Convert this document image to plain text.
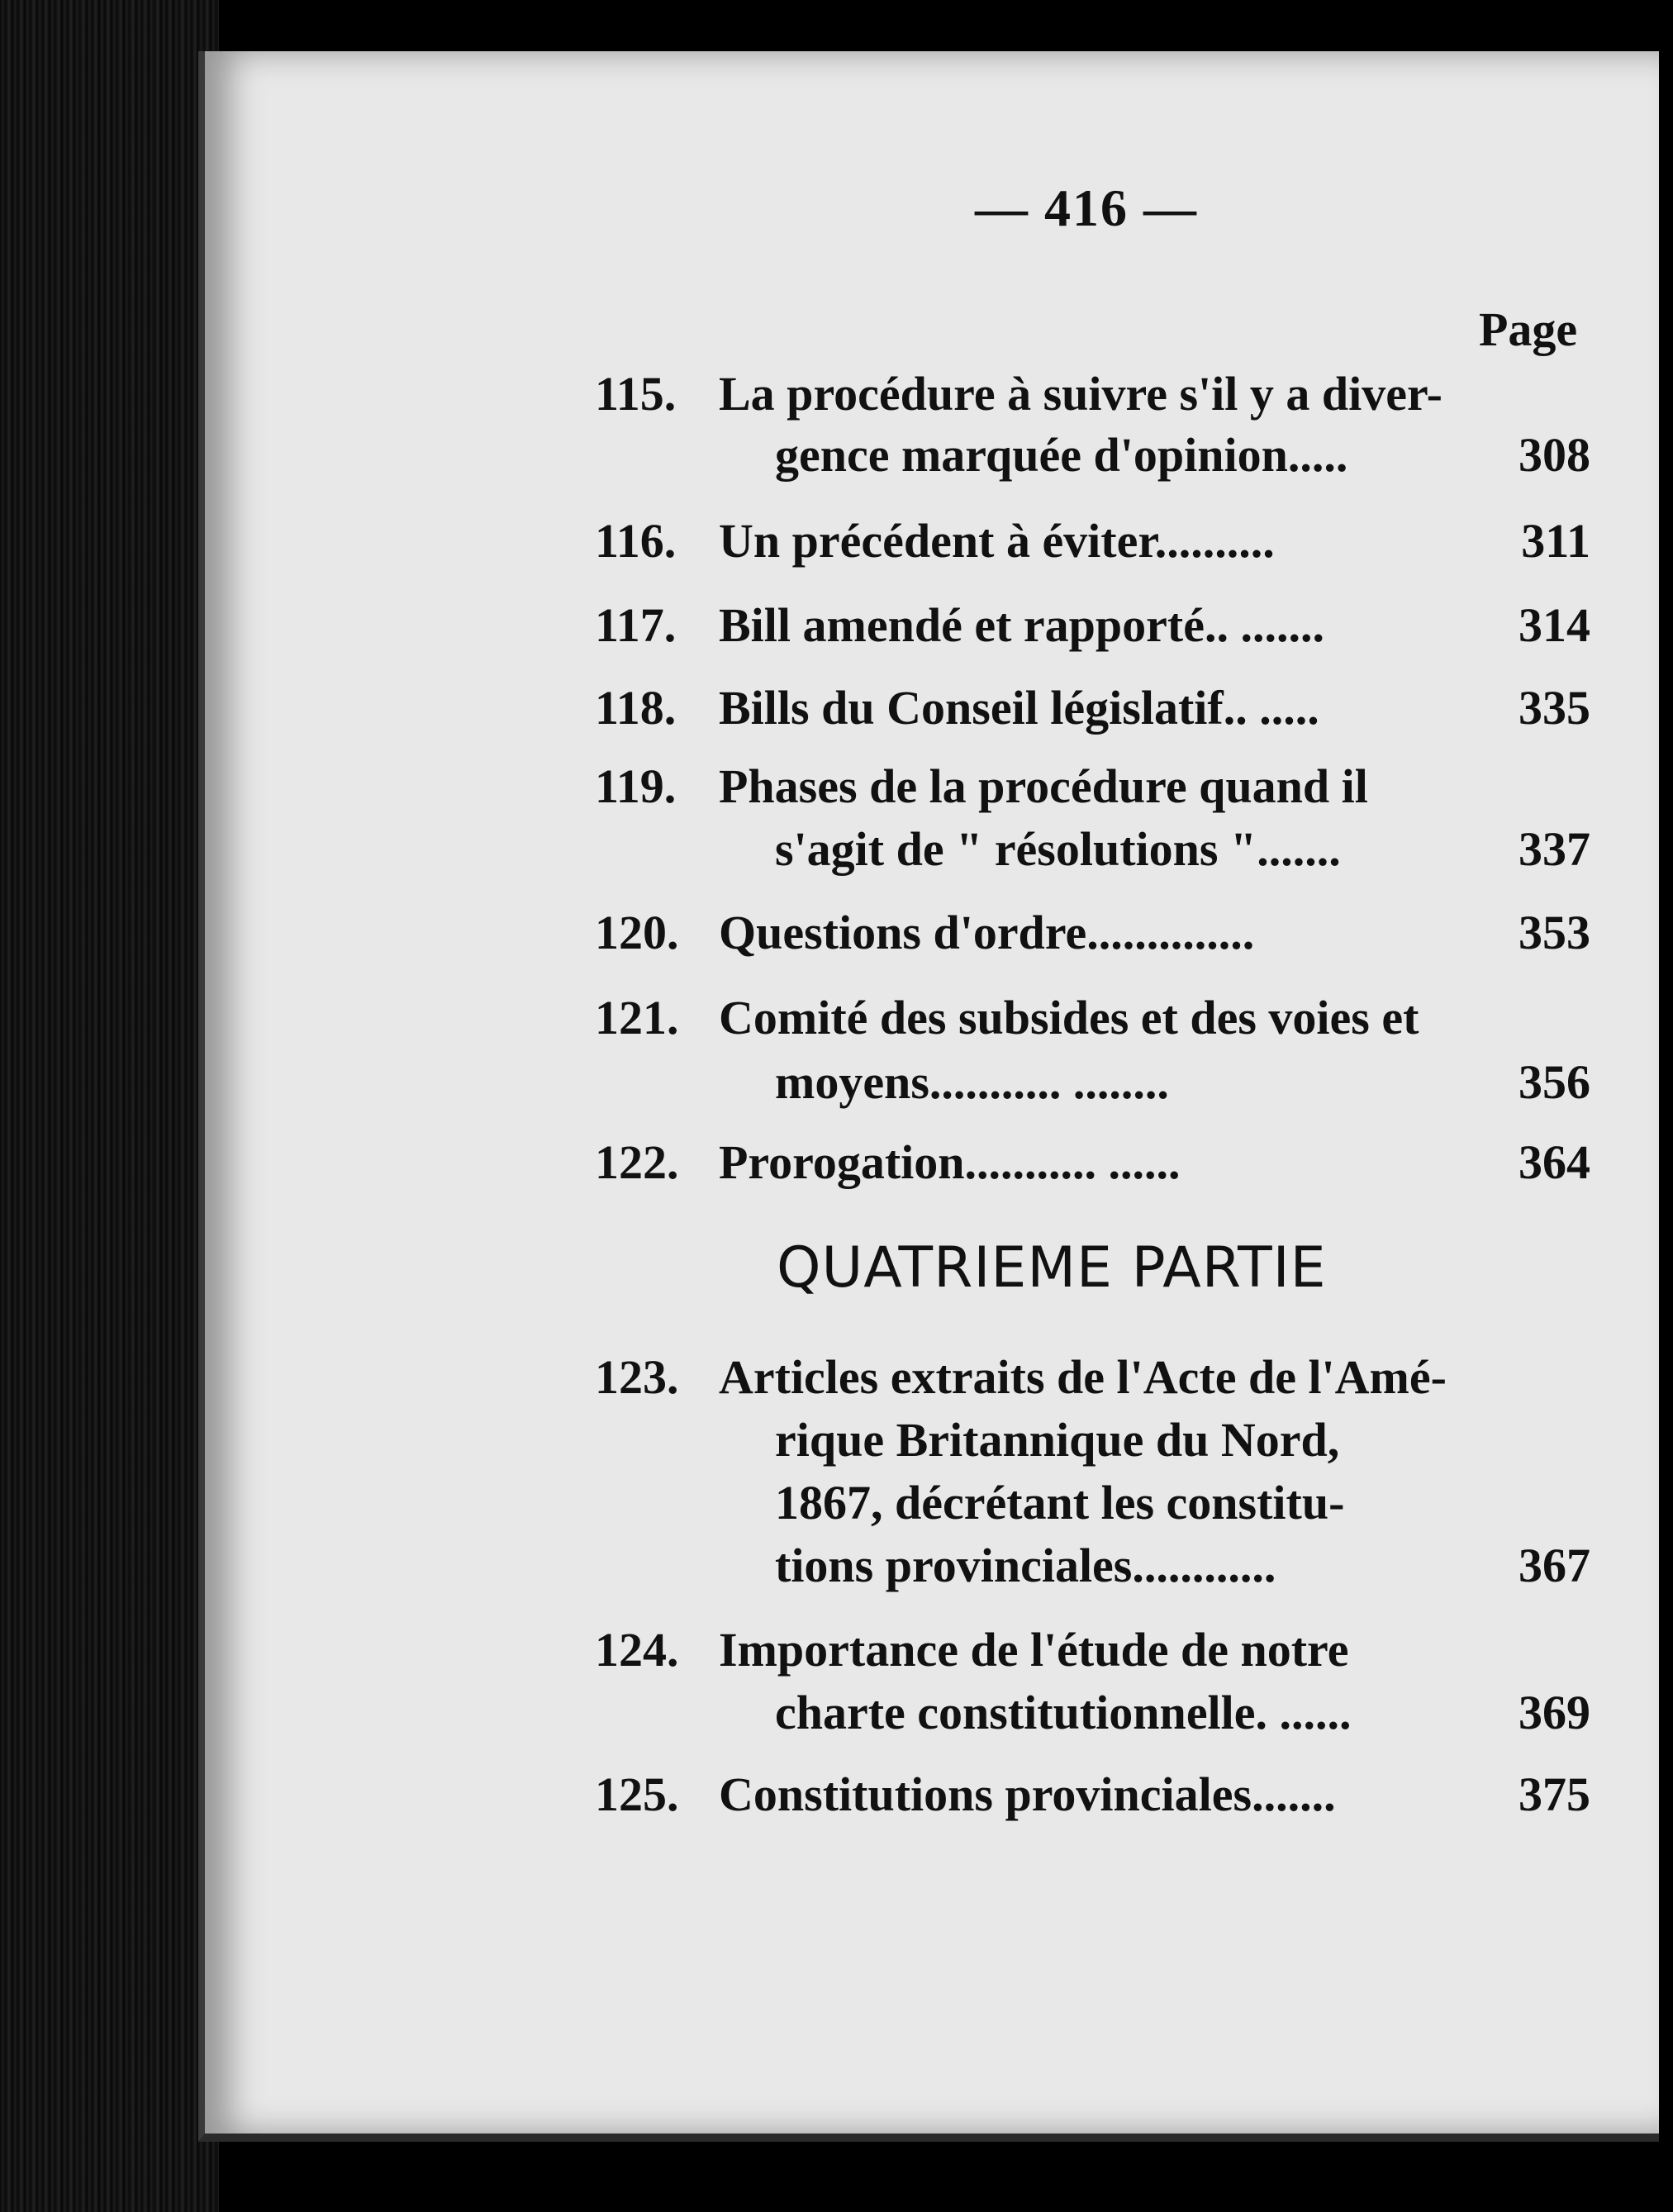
— 416 —
Page
115. La procédure à suivre s'il y a diver-
gence marquée d'opinion.....	308
116. Un précédent à éviter..........	311
117. Bill amendé et rapporté.. .......	314
118. Bills du Conseil législatif.. .....	335
119. Phases de la procédure quand il
s'agit de " résolutions ".......	337
120. Questions d'ordre..............	353
121. Comité des subsides et des voies et
moyens........... ........	356
122. Prorogation........... ......	364
QUATRIEME PARTIE
123. Articles extraits de l'Acte de l'Amé-
rique Britannique du Nord,
1867, décrétant les constitu-
tions provinciales............	367
124. Importance de l'étude de notre
charte constitutionnelle. ......	369
125. Constitutions provinciales.......	375
